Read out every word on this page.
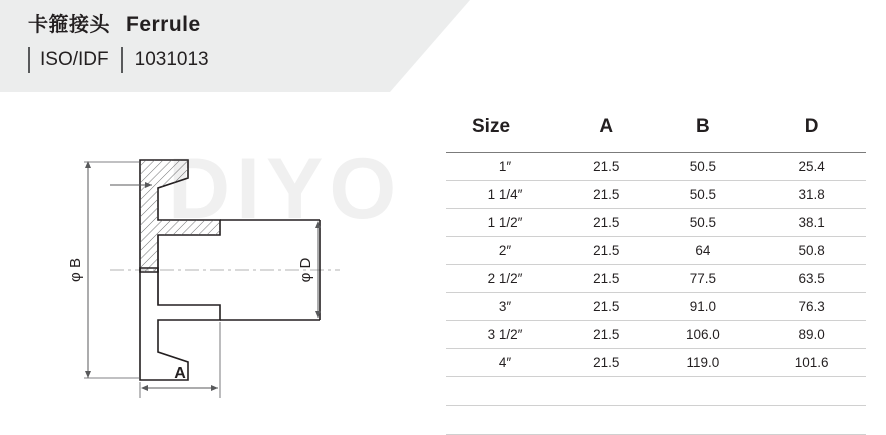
卡箍接头 Ferrule
ISO/IDF 1031013
DIYO
φ B	φ D
A
Size	A	B	D
1″	21.5	50.5	25.4
1 1/4″	21.5	50.5	31.8
1 1/2″	21.5	50.5	38.1
2″	21.5	64	50.8
2 1/2″	21.5	77.5	63.5
3″	21.5	91.0	76.3
3 1/2″	21.5	106.0	89.0
4″	21.5	119.0	101.6
